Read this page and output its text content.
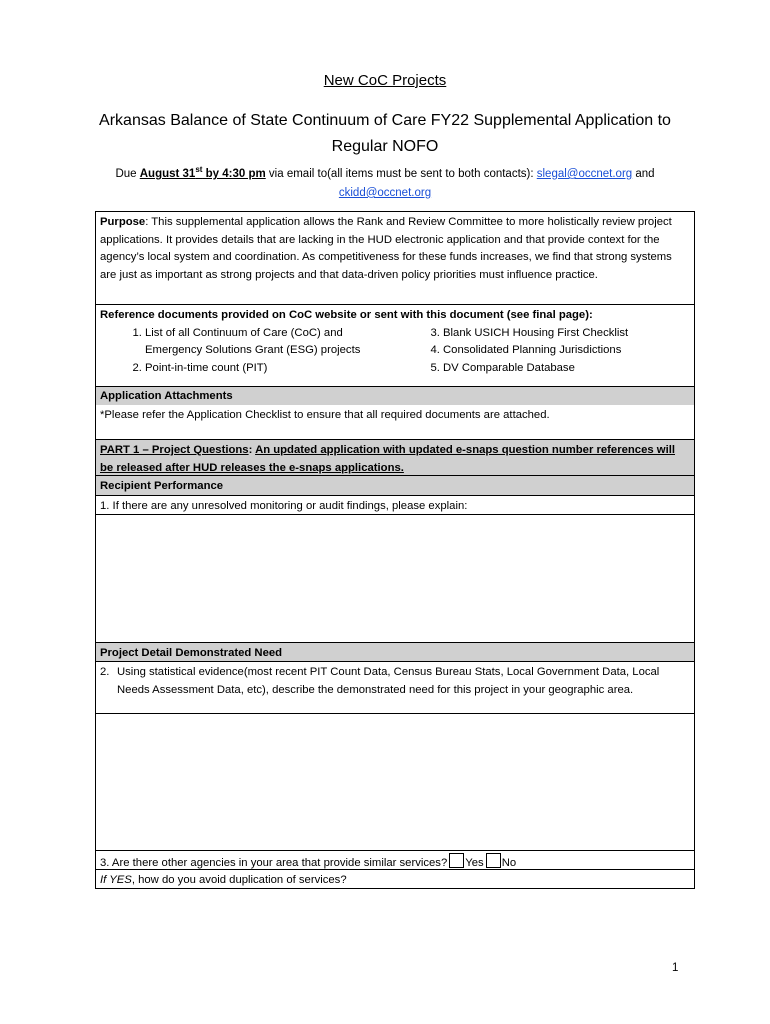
New CoC Projects
Arkansas Balance of State Continuum of Care FY22 Supplemental Application to Regular NOFO
Due August 31st by 4:30 pm via email to(all items must be sent to both contacts): slegal@occnet.org and
ckidd@occnet.org
Purpose: This supplemental application allows the Rank and Review Committee to more holistically review project applications. It provides details that are lacking in the HUD electronic application and that provide context for the agency’s local system and coordination. As competitiveness for these funds increases, we find that strong systems are just as important as strong projects and that data-driven policy priorities must influence practice.
Reference documents provided on CoC website or sent with this document (see final page):
1. List of all Continuum of Care (CoC) and Emergency Solutions Grant (ESG) projects
2. Point-in-time count (PIT)
3. Blank USICH Housing First Checklist
4. Consolidated Planning Jurisdictions
5. DV Comparable Database
Application Attachments
*Please refer the Application Checklist to ensure that all required documents are attached.
PART 1 – Project Questions: An updated application with updated e-snaps question number references will be released after HUD releases the e-snaps applications.
Recipient Performance
1. If there are any unresolved monitoring or audit findings, please explain:
Project Detail Demonstrated Need
2. Using statistical evidence(most recent PIT Count Data, Census Bureau Stats, Local Government Data, Local Needs Assessment Data, etc), describe the demonstrated need for this project in your geographic area.
3. Are there other agencies in your area that provide similar services? Yes No
If YES, how do you avoid duplication of services?
1
